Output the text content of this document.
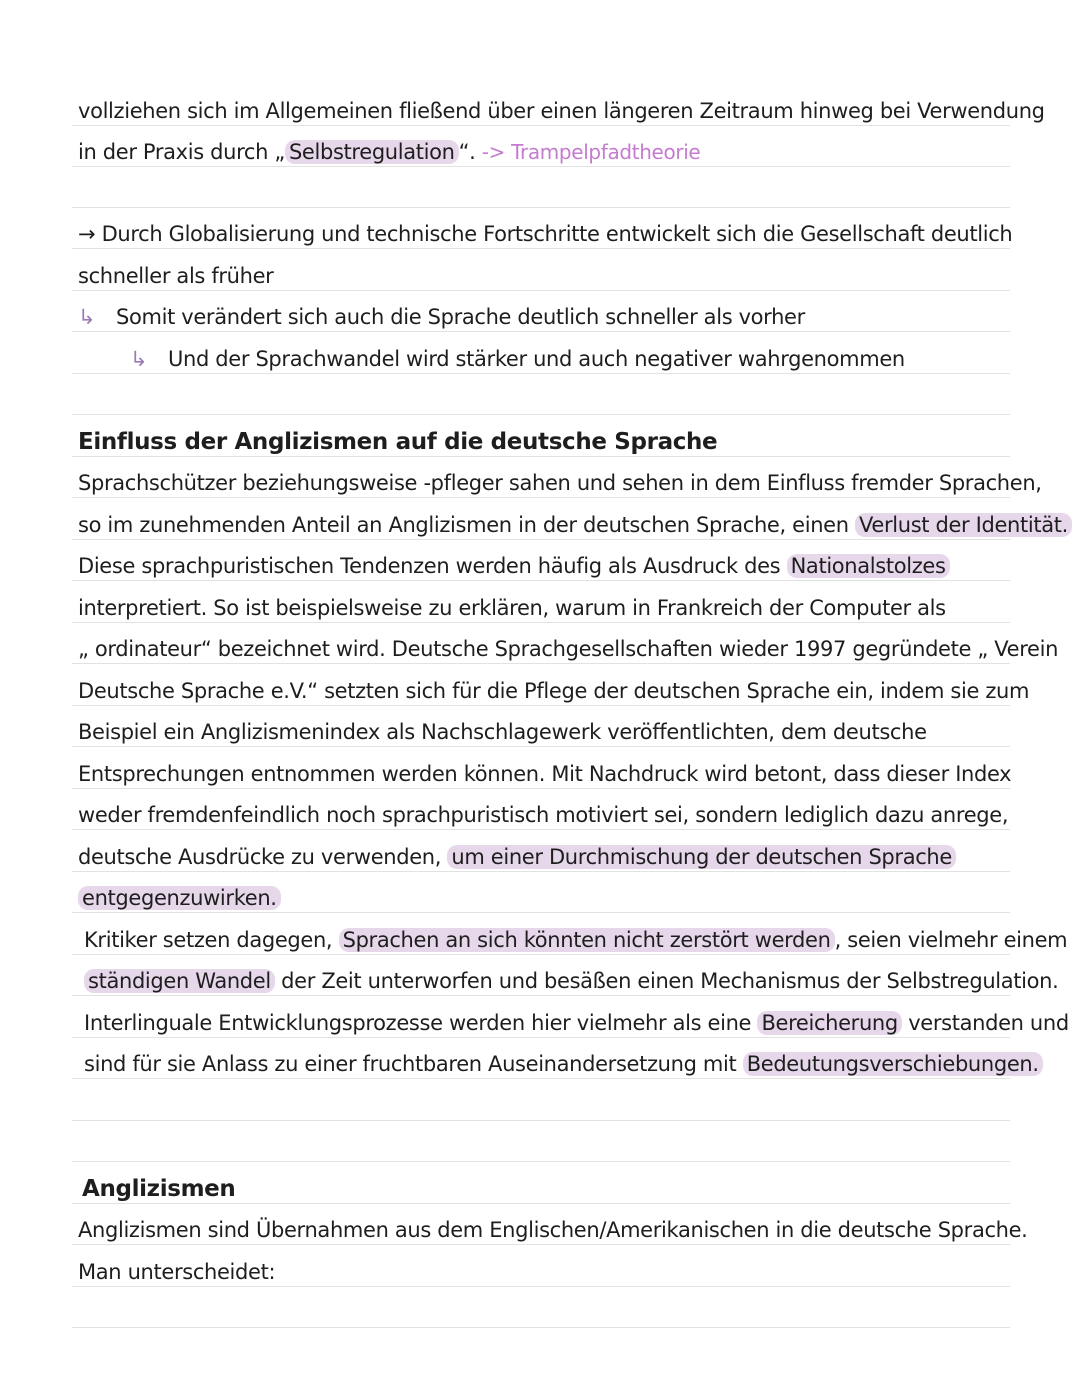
vollziehen sich im Allgemeinen fließend über einen längeren Zeitraum hinweg bei Verwendung
in der Praxis durch „ Selbstregulation “. -> Trampelpfadtheorie
→ Durch Globalisierung und technische Fortschritte entwickelt sich die Gesellschaft deutlich
schneller als früher
↳ Somit verändert sich auch die Sprache deutlich schneller als vorher
↳ Und der Sprachwandel wird stärker und auch negativer wahrgenommen
Einfluss der Anglizismen auf die deutsche Sprache
Sprachschützer beziehungsweise -pfleger sahen und sehen in dem Einfluss fremder Sprachen,
so im zunehmenden Anteil an Anglizismen in der deutschen Sprache, einen Verlust der Identität.
Diese sprachpuristischen Tendenzen werden häufig als Ausdruck des Nationalstolzes
interpretiert. So ist beispielsweise zu erklären, warum in Frankreich der Computer als
„ ordinateur“ bezeichnet wird. Deutsche Sprachgesellschaften wieder 1997 gegründete „ Verein
Deutsche Sprache e.V.“ setzten sich für die Pflege der deutschen Sprache ein, indem sie zum
Beispiel ein Anglizismenindex als Nachschlagewerk veröffentlichten, dem deutsche
Entsprechungen entnommen werden können. Mit Nachdruck wird betont, dass dieser Index
weder fremdenfeindlich noch sprachpuristisch motiviert sei, sondern lediglich dazu anrege,
deutsche Ausdrücke zu verwenden, um einer Durchmischung der deutschen Sprache
entgegenzuwirken.
Kritiker setzen dagegen, Sprachen an sich könnten nicht zerstört werden , seien vielmehr einem
ständigen Wandel der Zeit unterworfen und besäßen einen Mechanismus der Selbstregulation.
Interlinguale Entwicklungsprozesse werden hier vielmehr als eine Bereicherung verstanden und
sind für sie Anlass zu einer fruchtbaren Auseinandersetzung mit Bedeutungsverschiebungen.
Anglizismen
Anglizismen sind Übernahmen aus dem Englischen/Amerikanischen in die deutsche Sprache.
Man unterscheidet:
